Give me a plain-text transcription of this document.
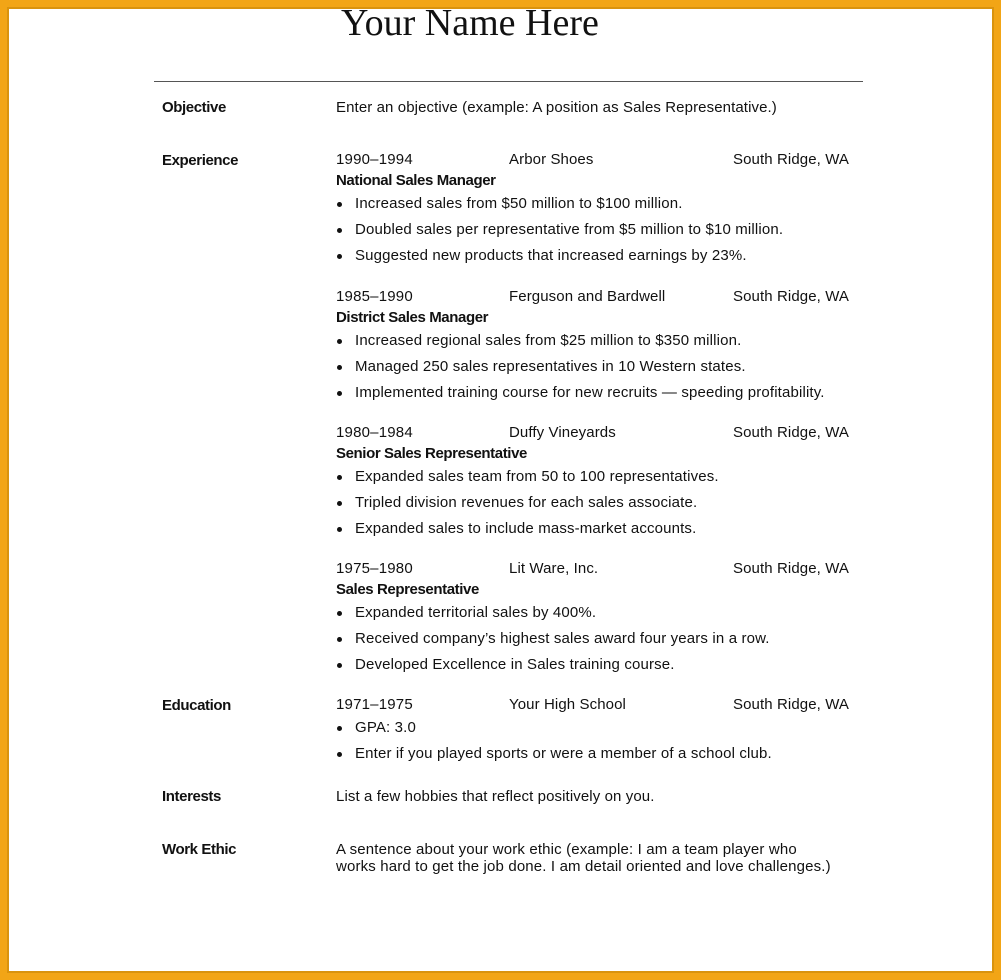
Your Name Here
Objective	Enter an objective (example: A position as Sales Representative.)
Experience	1990–1994	Arbor Shoes	South Ridge, WA
National Sales Manager
Increased sales from $50 million to $100 million.
Doubled sales per representative from $5 million to $10 million.
Suggested new products that increased earnings by 23%.
1985–1990	Ferguson and Bardwell	South Ridge, WA
District Sales Manager
Increased regional sales from $25 million to $350 million.
Managed 250 sales representatives in 10 Western states.
Implemented training course for new recruits — speeding profitability.
1980–1984	Duffy Vineyards	South Ridge, WA
Senior Sales Representative
Expanded sales team from 50 to 100 representatives.
Tripled division revenues for each sales associate.
Expanded sales to include mass-market accounts.
1975–1980	Lit Ware, Inc.	South Ridge, WA
Sales Representative
Expanded territorial sales by 400%.
Received company’s highest sales award four years in a row.
Developed Excellence in Sales training course.
Education	1971–1975	Your High School	South Ridge, WA
GPA: 3.0
Enter if you played sports or were a member of a school club.
Interests	List a few hobbies that reflect positively on you.
Work Ethic	A sentence about your work ethic (example: I am a team player who
works hard to get the job done. I am detail oriented and love challenges.)
